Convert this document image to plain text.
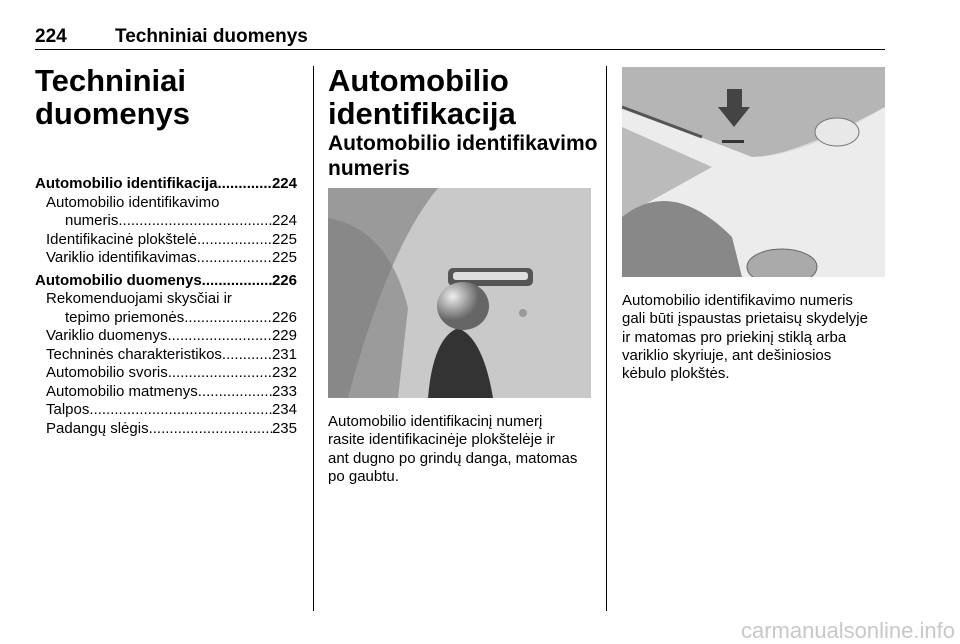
224	Techniniai duomenys
Techniniai
duomenys
Automobilio identifikacija .....	224
Automobilio identifikavimo
numeris .....	224
Identifikacinė plokštelė .....	225
Variklio identifikavimas .....	225
Automobilio duomenys .....	226
Rekomenduojami skysčiai ir
tepimo priemonės .....	226
Variklio duomenys .....	229
Techninės charakteristikos .....	231
Automobilio svoris .....	232
Automobilio matmenys .....	233
Talpos .....	234
Padangų slėgis .....	235
Automobilio
identifikacija
Automobilio identifikavimo
numeris
Automobilio identifikacinį numerį
rasite identifikacinėje plokštelėje ir
ant dugno po grindų danga, matomas
po gaubtu.
Automobilio identifikavimo numeris
gali būti įspaustas prietaisų skydelyje
ir matomas pro priekinį stiklą arba
variklio skyriuje, ant dešiniosios
kėbulo plokštės.
carmanualsonline.info
